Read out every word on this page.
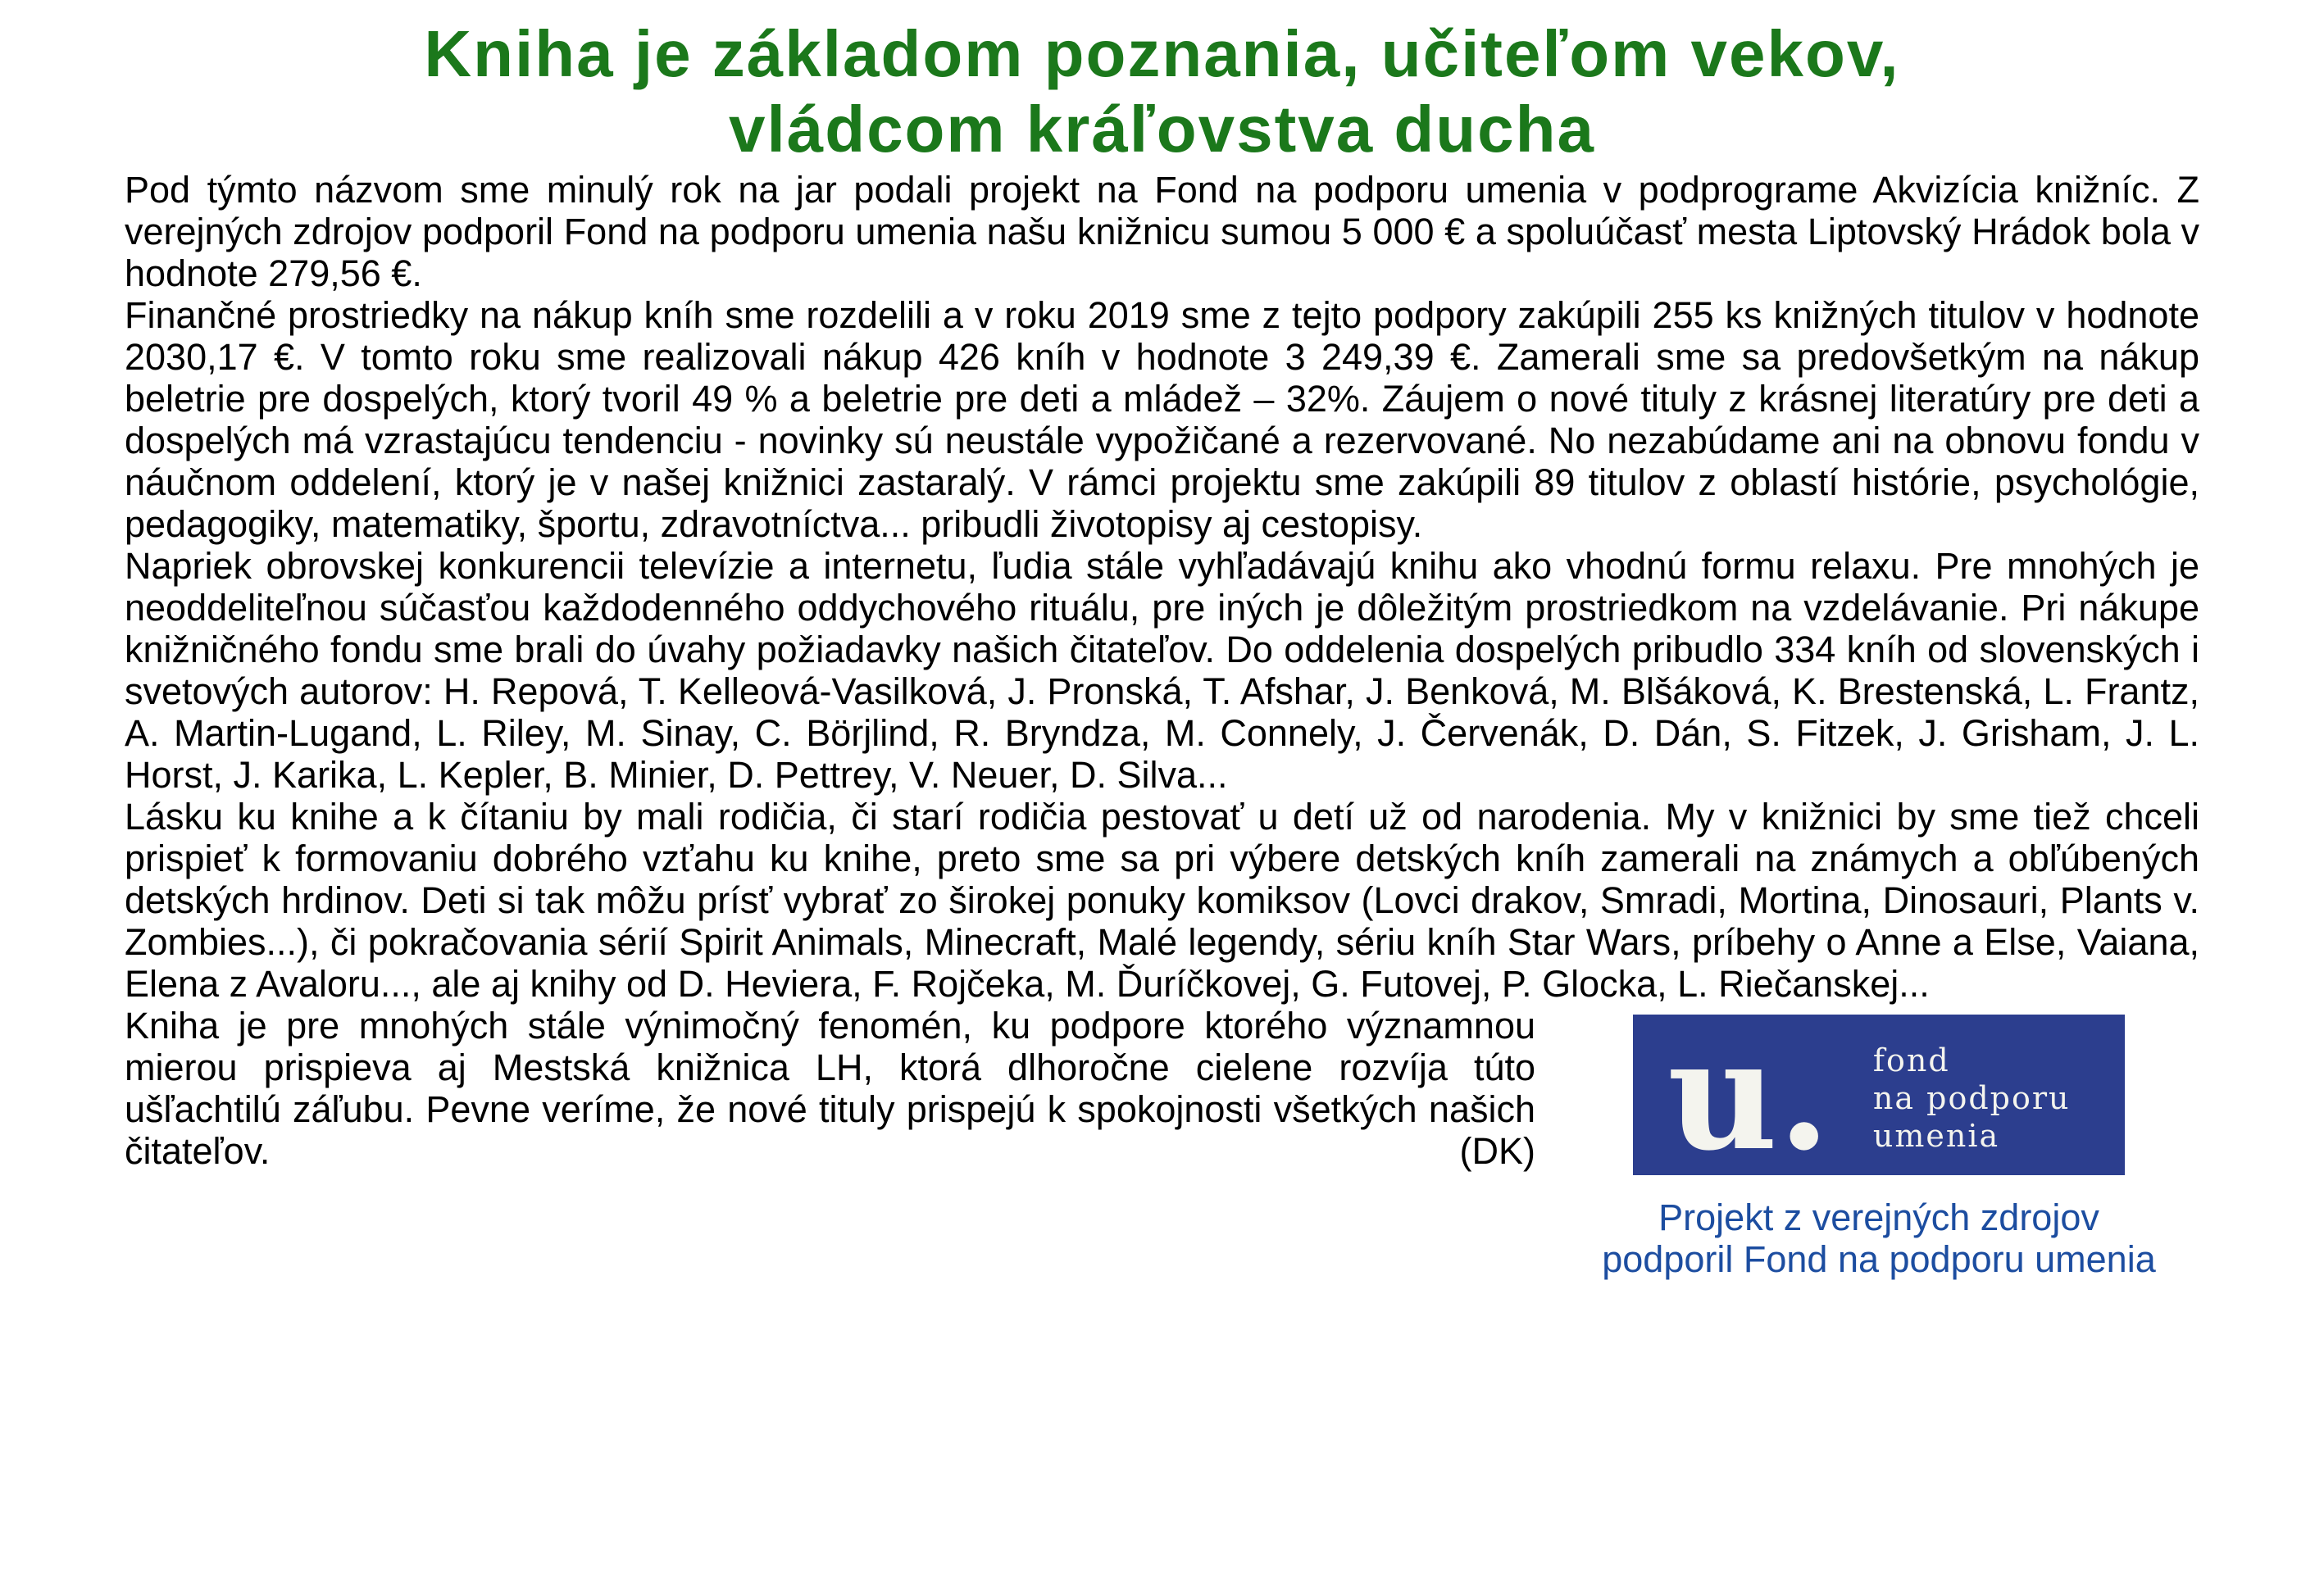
Kniha je základom poznania, učiteľom vekov,
vládcom kráľovstva ducha

Pod týmto názvom sme minulý rok na jar podali projekt na Fond na podporu umenia v podprograme Akvizícia knižníc. Z verejných zdrojov podporil Fond na podporu umenia našu knižnicu sumou 5 000 € a spoluúčasť mesta Liptovský Hrádok bola v hodnote 279,56 €.

Finančné prostriedky na nákup kníh sme rozdelili a v roku 2019 sme z tejto podpory zakúpili 255 ks knižných titulov v hodnote 2030,17 €. V tomto roku sme realizovali nákup 426 kníh v hodnote 3 249,39 €. Zamerali sme sa predovšetkým na nákup beletrie pre dospelých, ktorý tvoril 49 % a beletrie pre deti a mládež – 32%. Záujem o nové tituly z krásnej literatúry pre deti a dospelých má vzrastajúcu tendenciu - novinky sú neustále vypožičané a rezervované. No nezabúdame ani na obnovu fondu v náučnom oddelení, ktorý je v našej knižnici zastaralý. V rámci projektu sme zakúpili 89 titulov z oblastí histórie, psychológie, pedagogiky, matematiky, športu, zdravotníctva... pribudli životopisy aj cestopisy.

Napriek obrovskej konkurencii televízie a internetu, ľudia stále vyhľadávajú knihu ako vhodnú formu relaxu. Pre mnohých je neoddeliteľnou súčasťou každodenného oddychového rituálu, pre iných je dôležitým prostriedkom na vzdelávanie. Pri nákupe knižničného fondu sme brali do úvahy požiadavky našich čitateľov. Do oddelenia dospelých pribudlo 334 kníh od slovenských i svetových autorov: H. Repová, T. Kelleová-Vasilková, J. Pronská, T. Afshar, J. Benková, M. Blšáková, K. Brestenská, L. Frantz, A. Martin-Lugand, L. Riley, M. Sinay, C. Börjlind, R. Bryndza, M. Connely, J. Červenák, D. Dán, S. Fitzek, J. Grisham, J. L. Horst, J. Karika, L. Kepler, B. Minier, D. Pettrey, V. Neuer, D. Silva...

Lásku ku knihe a k čítaniu by mali rodičia, či starí rodičia pestovať u detí už od narodenia. My v knižnici by sme tiež chceli prispieť k formovaniu dobrého vzťahu ku knihe, preto sme sa pri výbere detských kníh zamerali na známych a obľúbených detských hrdinov. Deti si tak môžu prísť vybrať zo širokej ponuky komiksov (Lovci drakov, Smradi, Mortina, Dinosauri, Plants v. Zombies...), či pokračovania sérií Spirit Animals, Minecraft, Malé legendy, sériu kníh Star Wars, príbehy o Anne a Else, Vaiana, Elena z Avaloru..., ale aj knihy od D. Heviera, F. Rojčeka, M. Ďuríčkovej, G. Futovej, P. Glocka, L. Riečanskej...

u. fond
na podporu
umenia
Projekt z verejných zdrojov
podporil Fond na podporu umenia
Kniha je pre mnohých stále výnimočný fenomén, ku podpore ktorého významnou mierou prispieva aj Mestská knižnica LH, ktorá dlhoročne cielene rozvíja túto ušľachtilú záľubu. Pevne veríme, že nové tituly prispejú k spokojnosti všetkých našich čitateľov.	(DK)
